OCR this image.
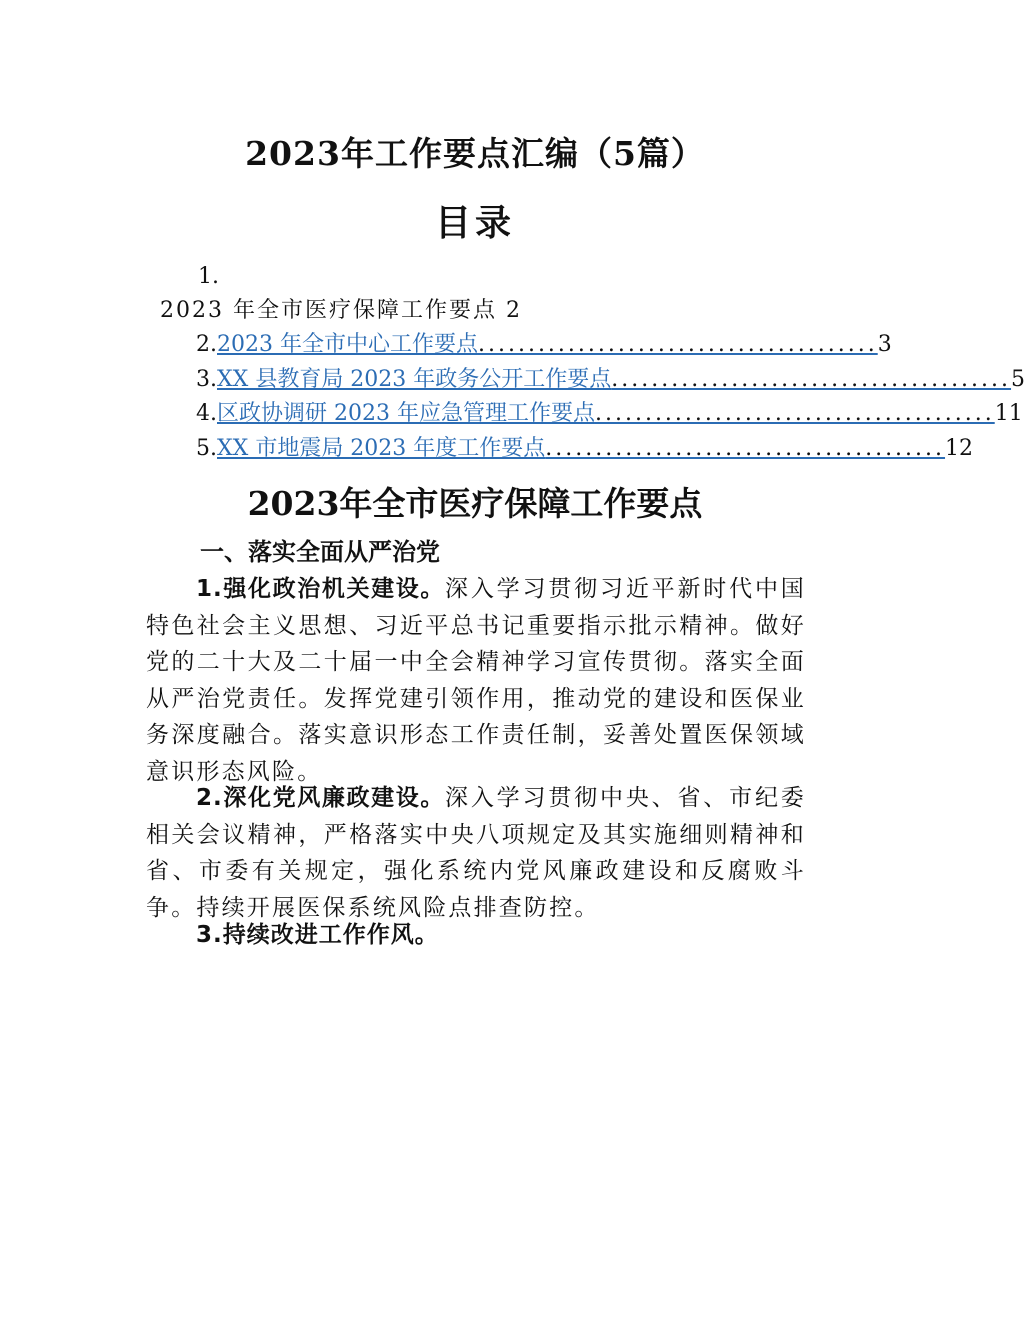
2023年工作要点汇编（5篇）
目录
1.
2023 年全市医疗保障工作要点 2
2. 2023 年全市中心工作要点 ........................................ 3
3. XX 县教育局 2023 年政务公开工作要点 ........................................ 5
4. 区政协调研 2023 年应急管理工作要点 ........................................ 11
5. XX 市地震局 2023 年度工作要点 ........................................ 12
2023年全市医疗保障工作要点
一、落实全面从严治党

1.强化政治机关建设。深入学习贯彻习近平新时代中国特色社会主义思想、习近平总书记重要指示批示精神。做好党的二十大及二十届一中全会精神学习宣传贯彻。落实全面从严治党责任。发挥党建引领作用，推动党的建设和医保业务深度融合。落实意识形态工作责任制，妥善处置医保领域意识形态风险。

2.深化党风廉政建设。深入学习贯彻中央、省、市纪委相关会议精神，严格落实中央八项规定及其实施细则精神和省、市委有关规定，强化系统内党风廉政建设和反腐败斗争。持续开展医保系统风险点排查防控。

3.持续改进工作作风。
